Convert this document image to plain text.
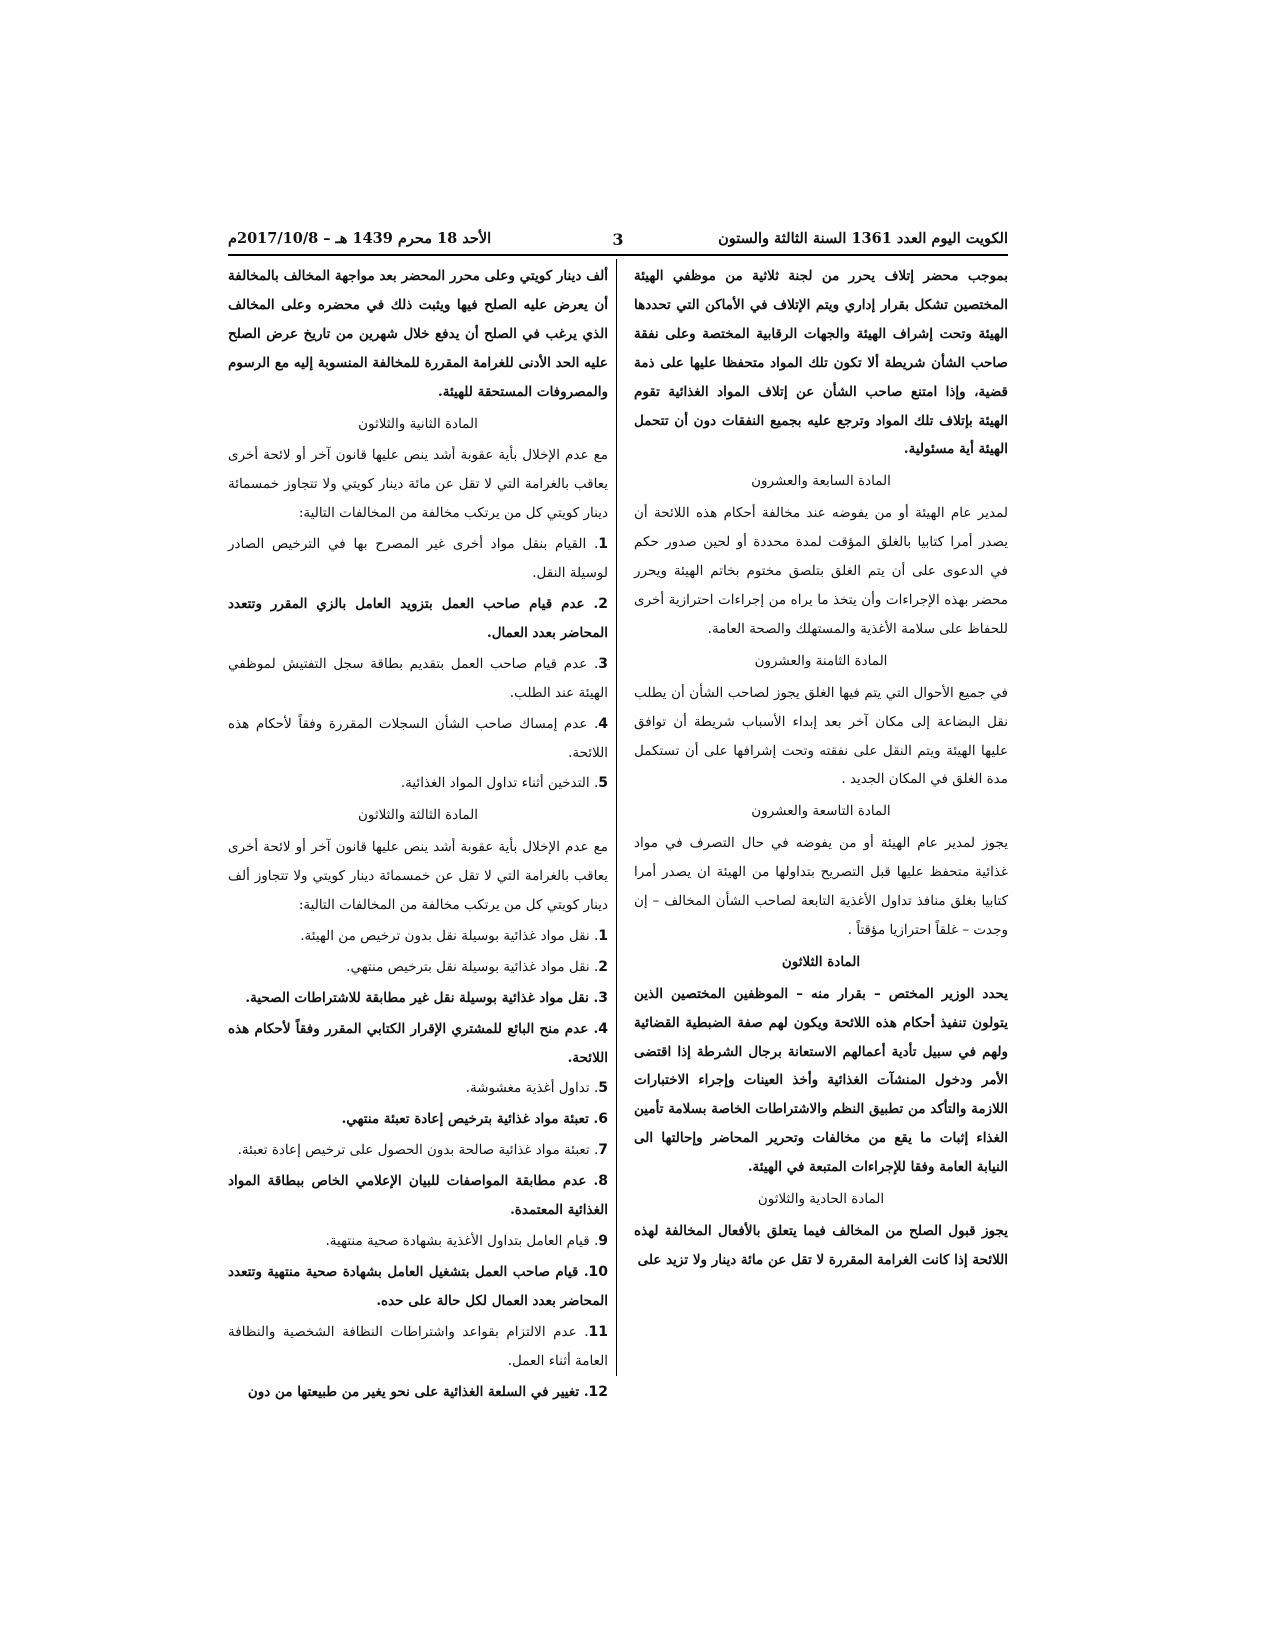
الكويت اليوم العدد 1361 السنة الثالثة والستون
3
الأحد 18 محرم 1439 هـ – 2017/10/8م

بموجب محضر إتلاف يحرر من لجنة ثلاثية من موظفي الهيئة المختصين تشكل بقرار إداري ويتم الإتلاف في الأماكن التي تحددها الهيئة وتحت إشراف الهيئة والجهات الرقابية المختصة وعلى نفقة صاحب الشأن شريطة ألا تكون تلك المواد متحفظا عليها على ذمة قضية، وإذا امتنع صاحب الشأن عن إتلاف المواد الغذائية تقوم الهيئة بإتلاف تلك المواد وترجع عليه بجميع النفقات دون أن تتحمل الهيئة أية مسئولية.

المادة السابعة والعشرون

لمدير عام الهيئة أو من يفوضه عند مخالفة أحكام هذه اللائحة أن يصدر أمرا كتابيا بالغلق المؤقت لمدة محددة أو لحين صدور حكم في الدعوى على أن يتم الغلق بتلصق مختوم بخاتم الهيئة ويحرر محضر بهذه الإجراءات وأن يتخذ ما يراه من إجراءات احترازية أخرى للحفاظ على سلامة الأغذية والمستهلك والصحة العامة.

المادة الثامنة والعشرون

في جميع الأحوال التي يتم فيها الغلق يجوز لصاحب الشأن أن يطلب نقل البضاعة إلى مكان آخر بعد إبداء الأسباب شريطة أن توافق عليها الهيئة ويتم النقل على نفقته وتحت إشرافها على أن تستكمل مدة الغلق في المكان الجديد .

المادة التاسعة والعشرون

يجوز لمدير عام الهيئة أو من يفوضه في حال التصرف في مواد غذائية متحفظ عليها قبل التصريح بتداولها من الهيئة ان يصدر أمرا كتابيا بغلق منافذ تداول الأغذية التابعة لصاحب الشأن المخالف – إن وجدت – غلقاً احترازيا مؤقتاً .

المادة الثلاثون

يحدد الوزير المختص – بقرار منه – الموظفين المختصين الذين يتولون تنفيذ أحكام هذه اللائحة ويكون لهم صفة الضبطية القضائية ولهم في سبيل تأدية أعمالهم الاستعانة برجال الشرطة إذا اقتضى الأمر ودخول المنشآت الغذائية وأخذ العينات وإجراء الاختبارات اللازمة والتأكد من تطبيق النظم والاشتراطات الخاصة بسلامة تأمين الغذاء إثبات ما يقع من مخالفات وتحرير المحاضر وإحالتها الى النيابة العامة وفقا للإجراءات المتبعة في الهيئة.

المادة الحادية والثلاثون

يجوز قبول الصلح من المخالف فيما يتعلق بالأفعال المخالفة لهذه اللائحة إذا كانت الغرامة المقررة لا تقل عن مائة دينار ولا تزيد على

ألف دينار كويتي وعلى محرر المحضر بعد مواجهة المخالف بالمخالفة أن يعرض عليه الصلح فيها ويثبت ذلك في محضره وعلى المخالف الذي يرغب في الصلح أن يدفع خلال شهرين من تاريخ عرض الصلح عليه الحد الأدنى للغرامة المقررة للمخالفة المنسوبة إليه مع الرسوم والمصروفات المستحقة للهيئة.

المادة الثانية والثلاثون

مع عدم الإخلال بأية عقوبة أشد ينص عليها قانون آخر أو لائحة أخرى يعاقب بالغرامة التي لا تقل عن مائة دينار كويتي ولا تتجاوز خمسمائة دينار كويتي كل من يرتكب مخالفة من المخالفات التالية:

1. القيام بنقل مواد أخرى غير المصرح بها في الترخيص الصادر لوسيلة النقل.

2. عدم قيام صاحب العمل بتزويد العامل بالزي المقرر وتتعدد المحاضر بعدد العمال.

3. عدم قيام صاحب العمل بتقديم بطاقة سجل التفتيش لموظفي الهيئة عند الطلب.

4. عدم إمساك صاحب الشأن السجلات المقررة وفقاً لأحكام هذه اللائحة.

5. التدخين أثناء تداول المواد الغذائية.

المادة الثالثة والثلاثون

مع عدم الإخلال بأية عقوبة أشد ينص عليها قانون آخر أو لائحة أخرى يعاقب بالغرامة التي لا تقل عن خمسمائة دينار كويتي ولا تتجاوز ألف دينار كويتي كل من يرتكب مخالفة من المخالفات التالية:

1. نقل مواد غذائية بوسيلة نقل بدون ترخيص من الهيئة.

2. نقل مواد غذائية بوسيلة نقل بترخيص منتهي.

3. نقل مواد غذائية بوسيلة نقل غير مطابقة للاشتراطات الصحية.

4. عدم منح البائع للمشتري الإقرار الكتابي المقرر وفقاً لأحكام هذه اللائحة.

5. تداول أغذية مغشوشة.

6. تعبئة مواد غذائية بترخيص إعادة تعبئة منتهي.

7. تعبئة مواد غذائية صالحة بدون الحصول على ترخيص إعادة تعبئة.

8. عدم مطابقة المواصفات للبيان الإعلامي الخاص ببطاقة المواد الغذائية المعتمدة.

9. قيام العامل بتداول الأغذية بشهادة صحية منتهية.

10. قيام صاحب العمل بتشغيل العامل بشهادة صحية منتهية وتتعدد المحاضر بعدد العمال لكل حالة على حده.

11. عدم الالتزام بقواعد واشتراطات النظافة الشخصية والنظافة العامة أثناء العمل.

12. تغيير في السلعة الغذائية على نحو يغير من طبيعتها من دون
